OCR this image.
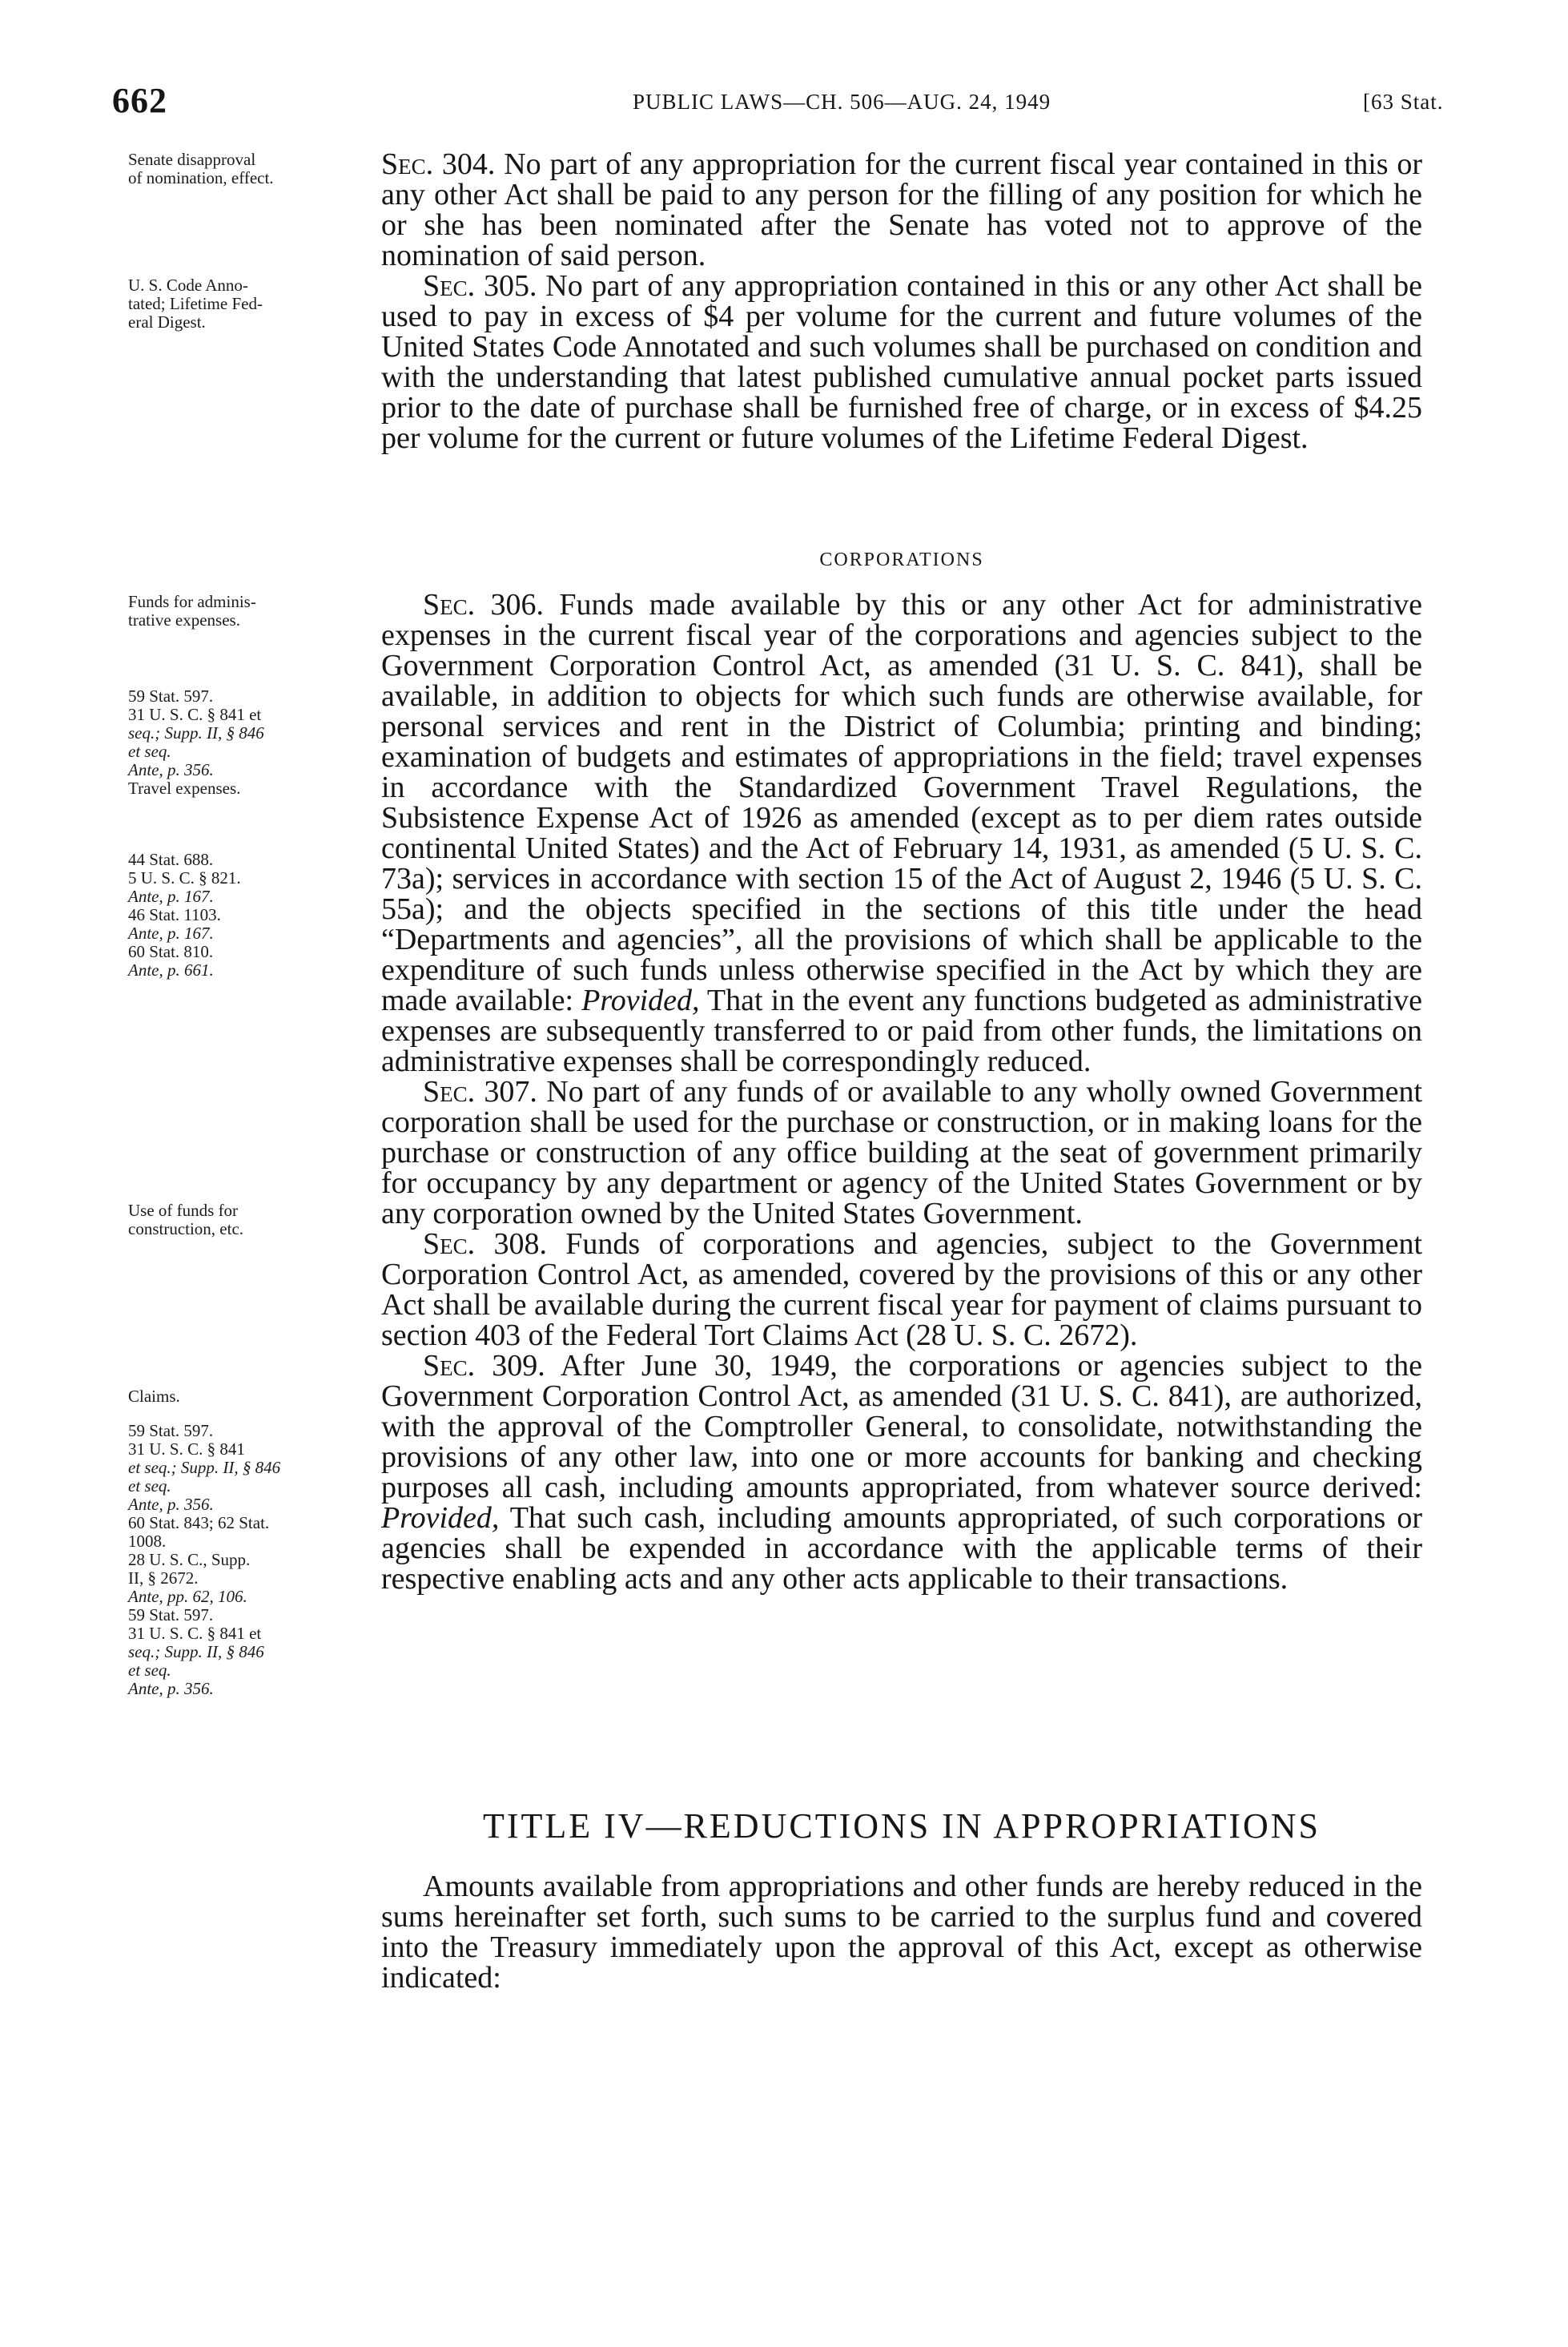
662	PUBLIC LAWS—CH. 506—AUG. 24, 1949	[63 Stat.
Senate disapproval
of nomination, effect.
U. S. Code Anno-
tated; Lifetime Fed-
eral Digest.
Funds for adminis-
trative expenses.
59 Stat. 597.
31 U. S. C. § 841 et
seq.; Supp. II, § 846
et seq.
Ante, p. 356.
Travel expenses.
44 Stat. 688.
5 U. S. C. § 821.
Ante, p. 167.
46 Stat. 1103.
Ante, p. 167.
60 Stat. 810.
Ante, p. 661.
Use of funds for
construction, etc.
Claims.
59 Stat. 597.
31 U. S. C. § 841
et seq.; Supp. II, § 846
et seq.
Ante, p. 356.
60 Stat. 843; 62 Stat.
1008.
28 U. S. C., Supp.
II, § 2672.
Ante, pp. 62, 106.
59 Stat. 597.
31 U. S. C. § 841 et
seq.; Supp. II, § 846
et seq.
Ante, p. 356.

Sec. 304. No part of any appropriation for the current fiscal year contained in this or any other Act shall be paid to any person for the filling of any position for which he or she has been nominated after the Senate has voted not to approve of the nomination of said person.

Sec. 305. No part of any appropriation contained in this or any other Act shall be used to pay in excess of $4 per volume for the current and future volumes of the United States Code Annotated and such volumes shall be purchased on condition and with the understanding that latest published cumulative annual pocket parts issued prior to the date of purchase shall be furnished free of charge, or in excess of $4.25 per volume for the current or future volumes of the Lifetime Federal Digest.

CORPORATIONS

Sec. 306. Funds made available by this or any other Act for administrative expenses in the current fiscal year of the corporations and agencies subject to the Government Corporation Control Act, as amended (31 U. S. C. 841), shall be available, in addition to objects for which such funds are otherwise available, for personal services and rent in the District of Columbia; printing and binding; examination of budgets and estimates of appropriations in the field; travel expenses in accordance with the Standardized Government Travel Regulations, the Subsistence Expense Act of 1926 as amended (except as to per diem rates outside continental United States) and the Act of February 14, 1931, as amended (5 U. S. C. 73a); services in accordance with section 15 of the Act of August 2, 1946 (5 U. S. C. 55a); and the objects specified in the sections of this title under the head “Departments and agencies”, all the provisions of which shall be applicable to the expenditure of such funds unless otherwise specified in the Act by which they are made available: Provided, That in the event any functions budgeted as administrative expenses are subsequently transferred to or paid from other funds, the limitations on administrative expenses shall be correspondingly reduced.

Sec. 307. No part of any funds of or available to any wholly owned Government corporation shall be used for the purchase or construction, or in making loans for the purchase or construction of any office building at the seat of government primarily for occupancy by any department or agency of the United States Government or by any corporation owned by the United States Government.

Sec. 308. Funds of corporations and agencies, subject to the Government Corporation Control Act, as amended, covered by the provisions of this or any other Act shall be available during the current fiscal year for payment of claims pursuant to section 403 of the Federal Tort Claims Act (28 U. S. C. 2672).

Sec. 309. After June 30, 1949, the corporations or agencies subject to the Government Corporation Control Act, as amended (31 U. S. C. 841), are authorized, with the approval of the Comptroller General, to consolidate, notwithstanding the provisions of any other law, into one or more accounts for banking and checking purposes all cash, including amounts appropriated, from whatever source derived: Provided, That such cash, including amounts appropriated, of such corporations or agencies shall be expended in accordance with the applicable terms of their respective enabling acts and any other acts applicable to their transactions.

TITLE IV—REDUCTIONS IN APPROPRIATIONS

Amounts available from appropriations and other funds are hereby reduced in the sums hereinafter set forth, such sums to be carried to the surplus fund and covered into the Treasury immediately upon the approval of this Act, except as otherwise indicated:
